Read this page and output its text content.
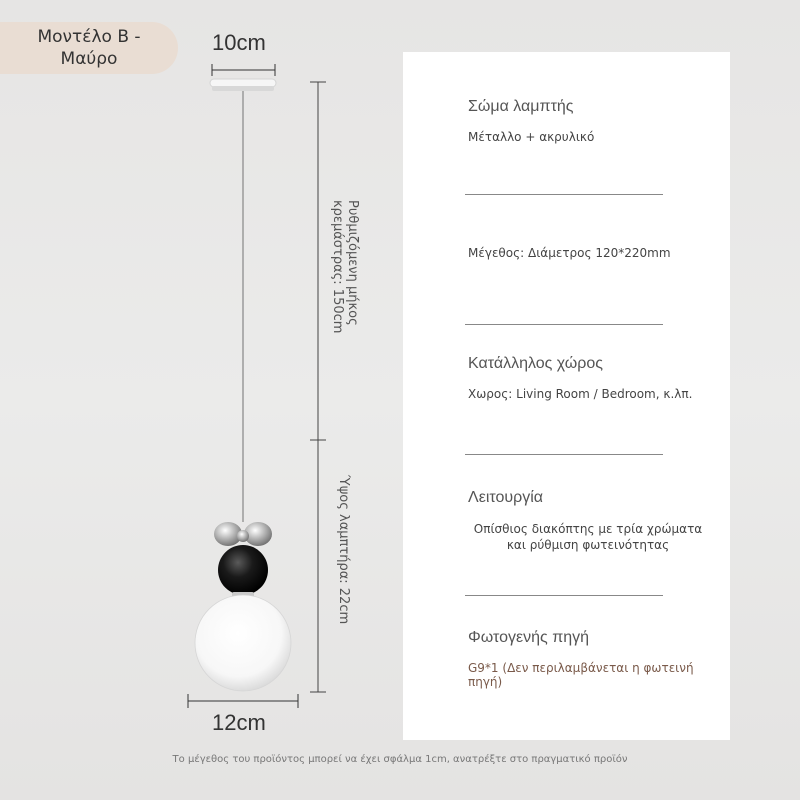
Μοντέλο Β -
Μαύρο
10cm
Ρυθμιζόμενη μήκος κρεμάστρας: 150cm
Ύψος λαμπτήρα: 22cm
12cm
Σώμα λαμπτής
Μέταλλο + ακρυλικό
Μέγεθος: Διάμετρος 120*220mm
Κατάλληλος χώρος
Χωρος: Living Room / Bedroom, κ.λπ.
Λειτουργία
Οπίσθιος διακόπτης με τρία χρώματα και ρύθμιση φωτεινότητας
Φωτογενής πηγή
G9*1 (Δεν περιλαμβάνεται η φωτεινή πηγή)
Το μέγεθος του προϊόντος μπορεί να έχει σφάλμα 1cm, ανατρέξτε στο πραγματικό προϊόν
